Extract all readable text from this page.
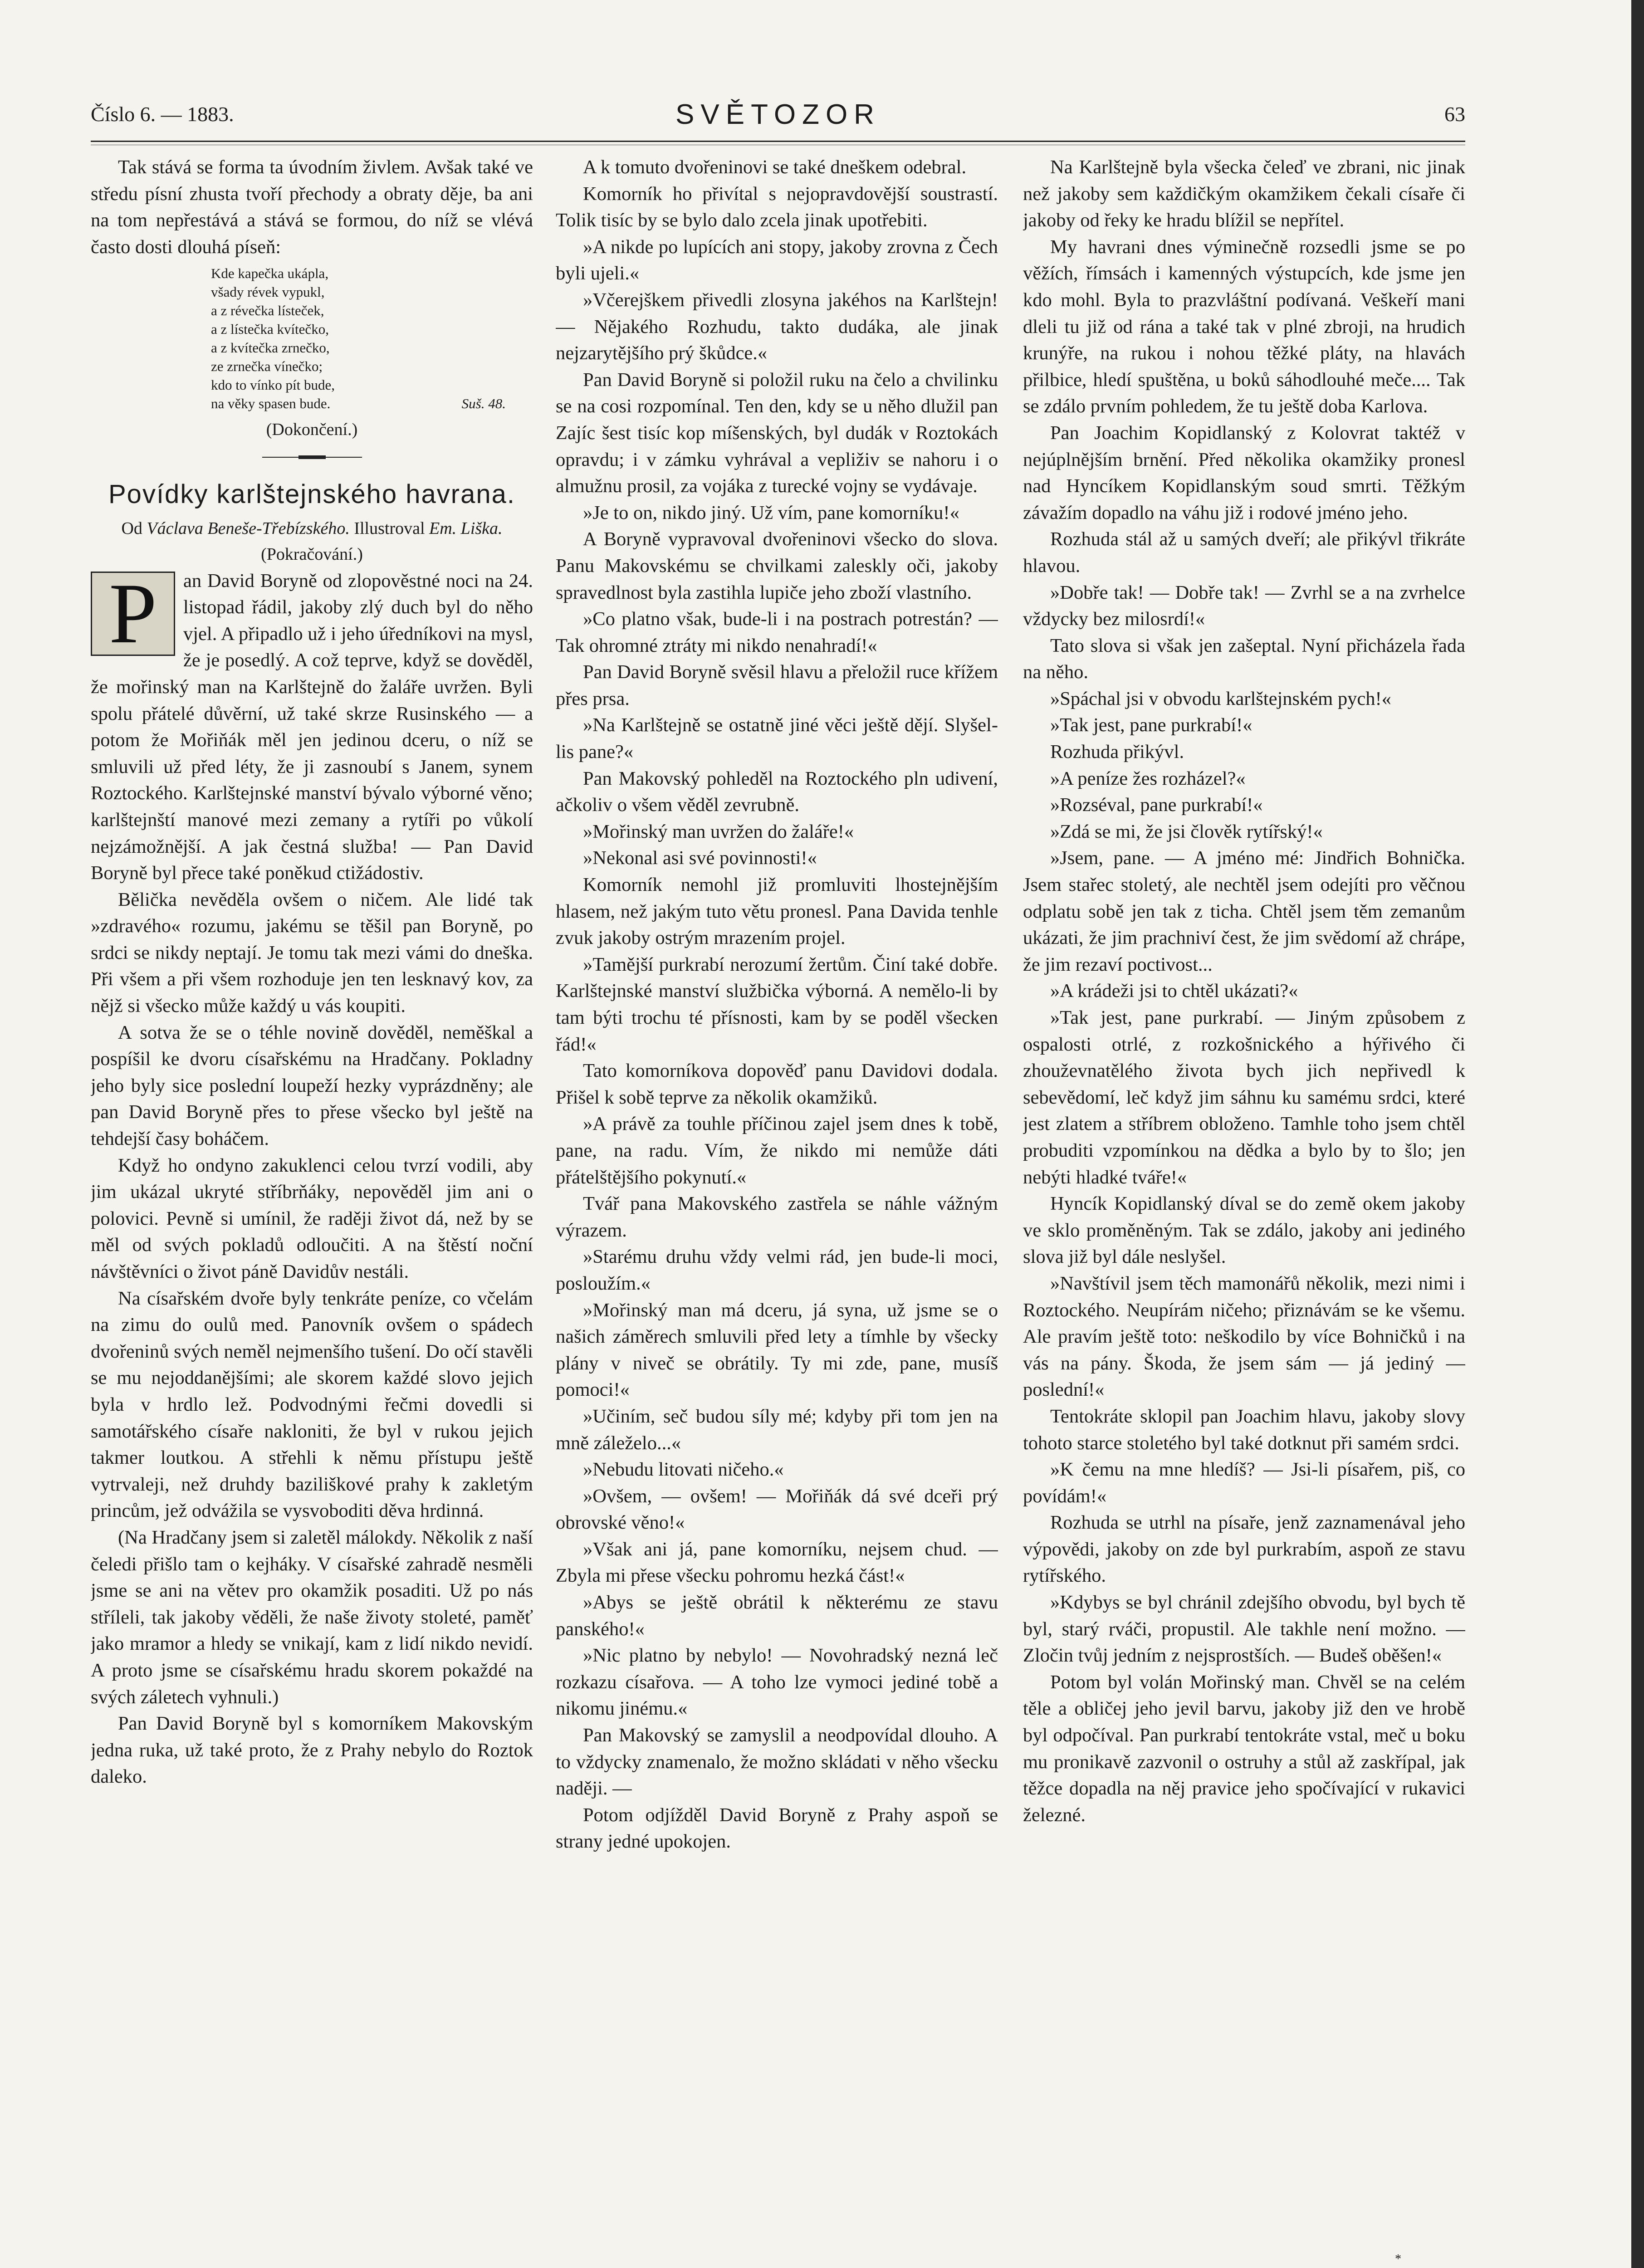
Číslo 6. — 1883.	SVĚTOZOR	63

Tak stává se forma ta úvodním živlem. Avšak také ve středu písní zhusta tvoří přechody a obraty děje, ba ani na tom nepřestává a stává se formou, do níž se vlévá často dosti dlouhá píseň:

Kde kapečka ukápla,
všady révek vypukl,
a z révečka lísteček,
a z lístečka kvítečko,
a z kvítečka zrnečko,
ze zrnečka vínečko;
kdo to vínko pít bude,
na věky spasen bude.	Suš. 48.

(Dokončení.)

Povídky karlštejnského havrana.
Od Václava Beneše-Třebízského. Illustroval Em. Liška.

(Pokračování.)

P	an David Boryně od zlopověstné noci na 24. listopad řádil, jakoby zlý duch byl do něho vjel. A připadlo už i jeho úředníkovi na mysl, že je posedlý. A což teprve, když se dověděl, že mořinský man na Karlštejně do žaláře uvržen. Byli spolu přátelé důvěrní, už také skrze Rusinského — a potom že Mořiňák měl jen jedinou dceru, o níž se smluvili už před léty, že ji zasnoubí s Janem, synem Roztockého. Karlštejnské manství bývalo výborné věno; karlštejnští manové mezi zemany a rytíři po vůkolí nejzámožnější. A jak čestná služba! — Pan David Boryně byl přece také poněkud ctižádostiv.

Bělička nevěděla ovšem o ničem. Ale lidé tak »zdravého« rozumu, jakému se těšil pan Boryně, po srdci se nikdy neptají. Je tomu tak mezi vámi do dneška. Při všem a při všem rozhoduje jen ten lesknavý kov, za nějž si všecko může každý u vás koupiti.

A sotva že se o téhle novině dověděl, neměškal a pospíšil ke dvoru císařskému na Hradčany. Pokladny jeho byly sice poslední loupeží hezky vyprázdněny; ale pan David Boryně přes to přese všecko byl ještě na tehdejší časy boháčem.

Když ho ondyno zakuklenci celou tvrzí vodili, aby jim ukázal ukryté stříbrňáky, nepověděl jim ani o polovici. Pevně si umínil, že raději život dá, než by se měl od svých pokladů odloučiti. A na štěstí noční návštěvníci o život páně Davidův nestáli.

Na císařském dvoře byly tenkráte peníze, co včelám na zimu do oulů med. Panovník ovšem o spádech dvořeninů svých neměl nejmenšího tušení. Do očí stavěli se mu nejoddanějšími; ale skorem každé slovo jejich byla v hrdlo lež. Podvodnými řečmi dovedli si samotářského císaře nakloniti, že byl v rukou jejich takmer loutkou. A střehli k němu přístupu ještě vytrvaleji, než druhdy baziliškové prahy k zakletým princům, jež odvážila se vysvoboditi děva hrdinná.

(Na Hradčany jsem si zaletěl málokdy. Několik z naší čeledi přišlo tam o kejháky. V císařské zahradě nesměli jsme se ani na větev pro okamžik posaditi. Už po nás stříleli, tak jakoby věděli, že naše životy stoleté, paměť jako mramor a hledy se vnikají, kam z lidí nikdo nevidí. A proto jsme se císařskému hradu skorem pokaždé na svých záletech vyhnuli.)

Pan David Boryně byl s komorníkem Makovským jedna ruka, už také proto, že z Prahy nebylo do Roztok daleko.

A k tomuto dvořeninovi se také dneškem odebral.

Komorník ho přivítal s nejopravdovější soustrastí. Tolik tisíc by se bylo dalo zcela jinak upotřebiti.

»A nikde po lupících ani stopy, jakoby zrovna z Čech byli ujeli.«

»Včerejškem přivedli zlosyna jakéhos na Karlštejn! — Nějakého Rozhudu, takto dudáka, ale jinak nejzarytějšího prý škůdce.«

Pan David Boryně si položil ruku na čelo a chvilinku se na cosi rozpomínal. Ten den, kdy se u něho dlužil pan Zajíc šest tisíc kop míšenských, byl dudák v Roztokách opravdu; i v zámku vyhrával a vepliživ se nahoru i o almužnu prosil, za vojáka z turecké vojny se vydávaje.

»Je to on, nikdo jiný. Už vím, pane komorníku!«

A Boryně vypravoval dvořeninovi všecko do slova. Panu Makovskému se chvilkami zaleskly oči, jakoby spravedlnost byla zastihla lupiče jeho zboží vlastního.

»Co platno však, bude-li i na postrach potrestán? — Tak ohromné ztráty mi nikdo nenahradí!«

Pan David Boryně svěsil hlavu a přeložil ruce křížem přes prsa.

»Na Karlštejně se ostatně jiné věci ještě dějí. Slyšel-lis pane?«

Pan Makovský pohleděl na Roztockého pln udivení, ačkoliv o všem věděl zevrubně.

»Mořinský man uvržen do žaláře!«

»Nekonal asi své povinnosti!«

Komorník nemohl již promluviti lhostejnějším hlasem, než jakým tuto větu pronesl. Pana Davida tenhle zvuk jakoby ostrým mrazením projel.

»Tamější purkrabí nerozumí žertům. Činí také dobře. Karlštejnské manství službička výborná. A nemělo-li by tam býti trochu té přísnosti, kam by se poděl všecken řád!«

Tato komorníkova dopověď panu Davidovi dodala. Přišel k sobě teprve za několik okamžiků.

»A právě za touhle příčinou zajel jsem dnes k tobě, pane, na radu. Vím, že nikdo mi nemůže dáti přátelštějšího pokynutí.«

Tvář pana Makovského zastřela se náhle vážným výrazem.

»Starému druhu vždy velmi rád, jen bude-li moci, posloužím.«

»Mořinský man má dceru, já syna, už jsme se o našich záměrech smluvili před lety a tímhle by všecky plány v niveč se obrátily. Ty mi zde, pane, musíš pomoci!«

»Učiním, seč budou síly mé; kdyby při tom jen na mně záleželo...«

»Nebudu litovati ničeho.«

»Ovšem, — ovšem! — Mořiňák dá své dceři prý obrovské věno!«

»Však ani já, pane komorníku, nejsem chud. — Zbyla mi přese všecku pohromu hezká část!«

»Abys se ještě obrátil k některému ze stavu panského!«

»Nic platno by nebylo! — Novohradský nezná leč rozkazu císařova. — A toho lze vymoci jediné tobě a nikomu jinému.«

Pan Makovský se zamyslil a neodpovídal dlouho. A to vždycky znamenalo, že možno skládati v něho všecku naději. —

Potom odjížděl David Boryně z Prahy aspoň se strany jedné upokojen.

Na Karlštejně byla všecka čeleď ve zbrani, nic jinak než jakoby sem každičkým okamžikem čekali císaře či jakoby od řeky ke hradu blížil se nepřítel.

My havrani dnes výminečně rozsedli jsme se po věžích, římsách i kamenných výstupcích, kde jsme jen kdo mohl. Byla to prazvláštní podívaná. Veškeří mani dleli tu již od rána a také tak v plné zbroji, na hrudich krunýře, na rukou i nohou těžké pláty, na hlavách přilbice, hledí spuštěna, u boků sáhodlouhé meče.... Tak se zdálo prvním pohledem, že tu ještě doba Karlova.

Pan Joachim Kopidlanský z Kolovrat taktéž v nejúplnějším brnění. Před několika okamžiky pronesl nad Hyncíkem Kopidlanským soud smrti. Těžkým závažím dopadlo na váhu již i rodové jméno jeho.

Rozhuda stál až u samých dveří; ale přikývl třikráte hlavou.

»Dobře tak! — Dobře tak! — Zvrhl se a na zvrhelce vždycky bez milosrdí!«

Tato slova si však jen zašeptal. Nyní přicházela řada na něho.

»Spáchal jsi v obvodu karlštejnském pych!«

»Tak jest, pane purkrabí!«

Rozhuda přikývl.

»A peníze žes rozházel?«

»Rozséval, pane purkrabí!«

»Zdá se mi, že jsi člověk rytířský!«

»Jsem, pane. — A jméno mé: Jindřich Bohnička. Jsem stařec stoletý, ale nechtěl jsem odejíti pro věčnou odplatu sobě jen tak z ticha. Chtěl jsem těm zemanům ukázati, že jim prachniví čest, že jim svědomí až chrápe, že jim rezaví poctivost...

»A krádeži jsi to chtěl ukázati?«

»Tak jest, pane purkrabí. — Jiným způsobem z ospalosti otrlé, z rozkošnického a hýřivého či zhouževnatělého života bych jich nepřivedl k sebevědomí, leč když jim sáhnu ku samému srdci, které jest zlatem a stříbrem obloženo. Tamhle toho jsem chtěl probuditi vzpomínkou na dědka a bylo by to šlo; jen nebýti hladké tváře!«

Hyncík Kopidlanský díval se do země okem jakoby ve sklo proměněným. Tak se zdálo, jakoby ani jediného slova již byl dále neslyšel.

»Navštívil jsem těch mamonářů několik, mezi nimi i Roztockého. Neupírám ničeho; přiznávám se ke všemu. Ale pravím ještě toto: neškodilo by více Bohničků i na vás na pány. Škoda, že jsem sám — já jediný — poslední!«

Tentokráte sklopil pan Joachim hlavu, jakoby slovy tohoto starce stoletého byl také dotknut při samém srdci.

»K čemu na mne hledíš? — Jsi-li písařem, piš, co povídám!«

Rozhuda se utrhl na písaře, jenž zaznamenával jeho výpovědi, jakoby on zde byl purkrabím, aspoň ze stavu rytířského.

»Kdybys se byl chránil zdejšího obvodu, byl bych tě byl, starý rváči, propustil. Ale takhle není možno. — Zločin tvůj jedním z nejsprostších. — Budeš oběšen!«

Potom byl volán Mořinský man. Chvěl se na celém těle a obličej jeho jevil barvu, jakoby již den ve hrobě byl odpočíval. Pan purkrabí tentokráte vstal, meč u boku mu pronikavě zazvonil o ostruhy a stůl až zaskřípal, jak těžce dopadla na něj pravice jeho spočívající v rukavici železné.

*
